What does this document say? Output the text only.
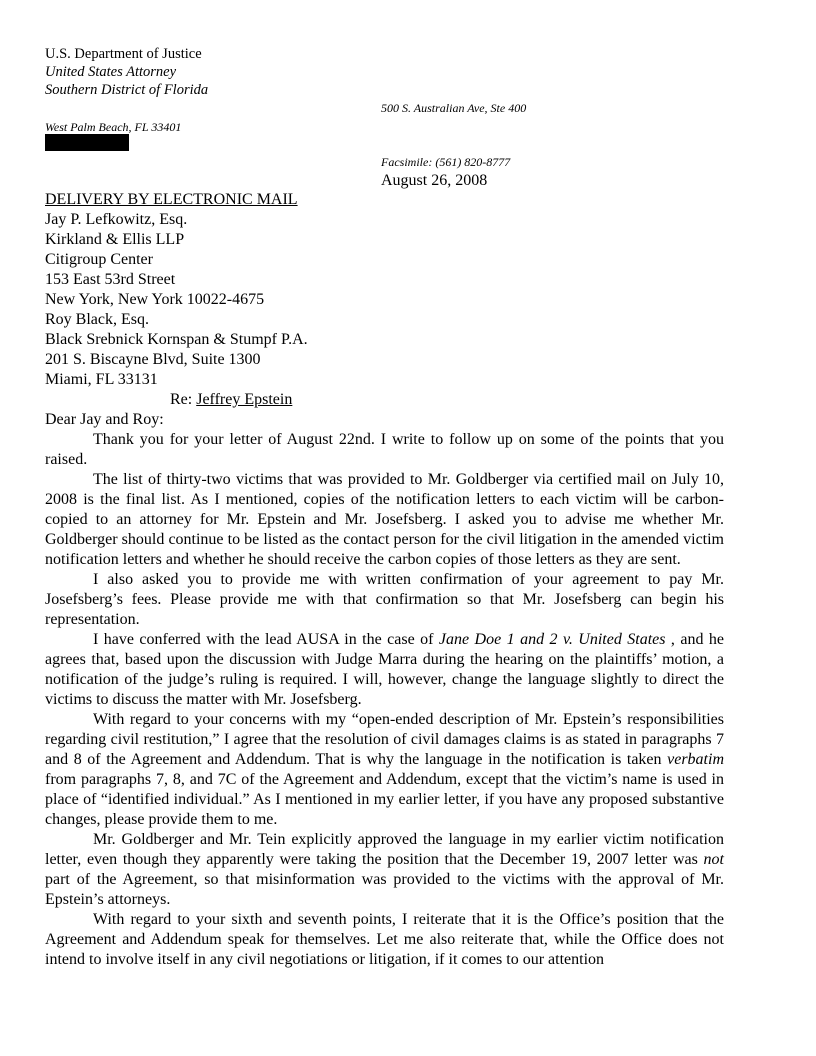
U.S. Department of Justice
United States Attorney
Southern District of Florida
500 S. Australian Ave, Ste 400
West Palm Beach, FL 33401
Facsimile: (561) 820-8777
August 26, 2008
DELIVERY BY ELECTRONIC MAIL
Jay P. Lefkowitz, Esq.
Kirkland & Ellis LLP
Citigroup Center
153 East 53rd Street
New York, New York 10022-4675
Roy Black, Esq.
Black Srebnick Kornspan & Stumpf P.A.
201 S. Biscayne Blvd, Suite 1300
Miami, FL 33131
Re: Jeffrey Epstein
Dear Jay and Roy:

Thank you for your letter of August 22nd. I write to follow up on some of the points that you raised.

The list of thirty-two victims that was provided to Mr. Goldberger via certified mail on July 10, 2008 is the final list. As I mentioned, copies of the notification letters to each victim will be carbon-copied to an attorney for Mr. Epstein and Mr. Josefsberg. I asked you to advise me whether Mr. Goldberger should continue to be listed as the contact person for the civil litigation in the amended victim notification letters and whether he should receive the carbon copies of those letters as they are sent.

I also asked you to provide me with written confirmation of your agreement to pay Mr. Josefsberg’s fees. Please provide me with that confirmation so that Mr. Josefsberg can begin his representation.

I have conferred with the lead AUSA in the case of Jane Doe 1 and 2 v. United States , and he agrees that, based upon the discussion with Judge Marra during the hearing on the plaintiffs’ motion, a notification of the judge’s ruling is required. I will, however, change the language slightly to direct the victims to discuss the matter with Mr. Josefsberg.

With regard to your concerns with my “open-ended description of Mr. Epstein’s responsibilities regarding civil restitution,” I agree that the resolution of civil damages claims is as stated in paragraphs 7 and 8 of the Agreement and Addendum. That is why the language in the notification is taken verbatim from paragraphs 7, 8, and 7C of the Agreement and Addendum, except that the victim’s name is used in place of “identified individual.” As I mentioned in my earlier letter, if you have any proposed substantive changes, please provide them to me.

Mr. Goldberger and Mr. Tein explicitly approved the language in my earlier victim notification letter, even though they apparently were taking the position that the December 19, 2007 letter was not part of the Agreement, so that misinformation was provided to the victims with the approval of Mr. Epstein’s attorneys.

With regard to your sixth and seventh points, I reiterate that it is the Office’s position that the Agreement and Addendum speak for themselves. Let me also reiterate that, while the Office does not intend to involve itself in any civil negotiations or litigation, if it comes to our attention
